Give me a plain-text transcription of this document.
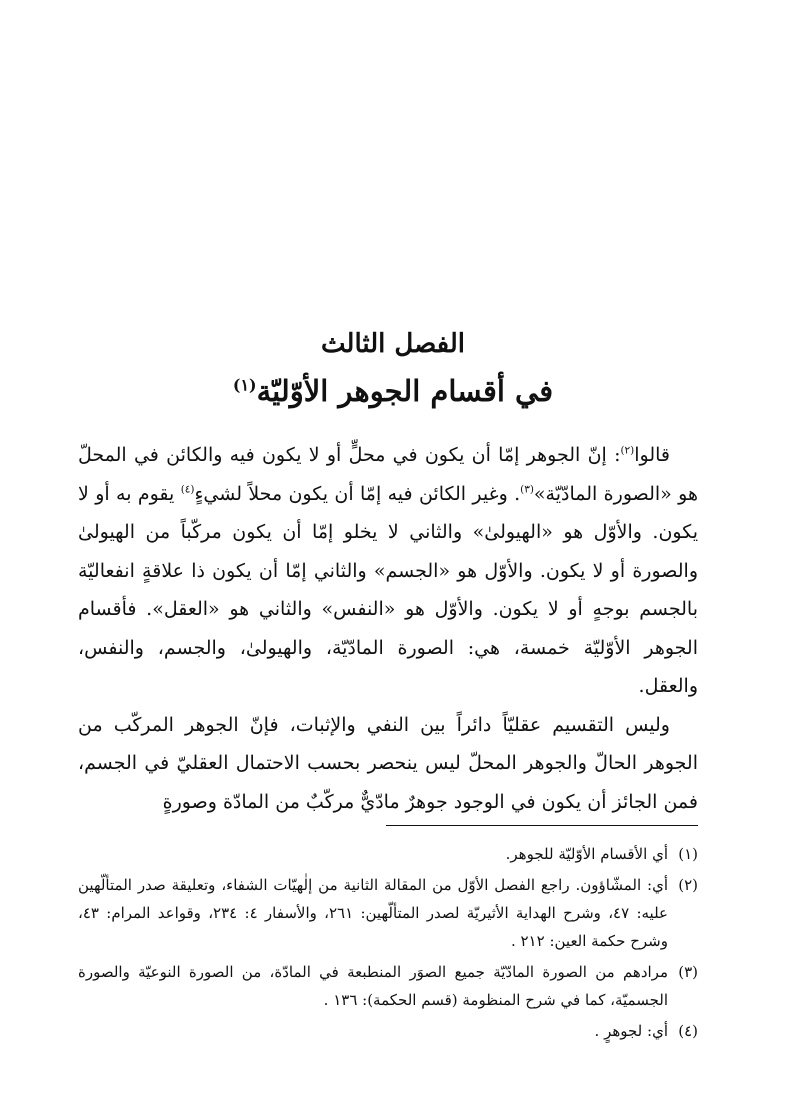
الفصل الثالث
في أقسام الجوهر الأوّليّة$^{(١)}$

قالوا$^{(٢)}$: إنّ الجوهر إمّا أن يكون في محلٍّ أو لا يكون فيه والكائن في المحلّ هو «الصورة المادّيّة»$^{(٣)}$. وغير الكائن فيه إمّا أن يكون محلاً لشيءٍ$^{(٤)}$ يقوم به أو لا يكون. والأوّل هو «الهيولىٰ» والثاني لا يخلو إمّا أن يكون مركّباً من الهيولىٰ والصورة أو لا يكون. والأوّل هو «الجسم» والثاني إمّا أن يكون ذا علاقةٍ انفعاليّة بالجسم بوجهٍ أو لا يكون. والأوّل هو «النفس» والثاني هو «العقل». فأقسام الجوهر الأوّليّة خمسة، هي: الصورة المادّيّة، والهيولىٰ، والجسم، والنفس، والعقل.

وليس التقسيم عقليّاً دائراً بين النفي والإثبات، فإنّ الجوهر المركّب من الجوهر الحالّ والجوهر المحلّ ليس ينحصر بحسب الاحتمال العقليّ في الجسم، فمن الجائز أن يكون في الوجود جوهرٌ مادّيٌّ مركّبٌ من المادّة وصورةٍ

(١)
أي الأقسام الأوّليّة للجوهر.
(٢)
أي: المشّاؤون. راجع الفصل الأوّل من المقالة الثانية من إلٰهيّات الشفاء، وتعليقة صدر المتألّهين عليه: ٤٧، وشرح الهداية الأثيريّة لصدر المتألّهين: ٢٦١، والأسفار ٤: ٢٣٤، وقواعد المرام: ٤٣، وشرح حكمة العين: ٢١٢ .
(٣)
مرادهم من الصورة المادّيّة جميع الصوَر المنطبعة في المادّة، من الصورة النوعيّة والصورة الجسميّة، كما في شرح المنظومة (قسم الحكمة): ١٣٦ .
(٤)
أي: لجوهرٍ .
